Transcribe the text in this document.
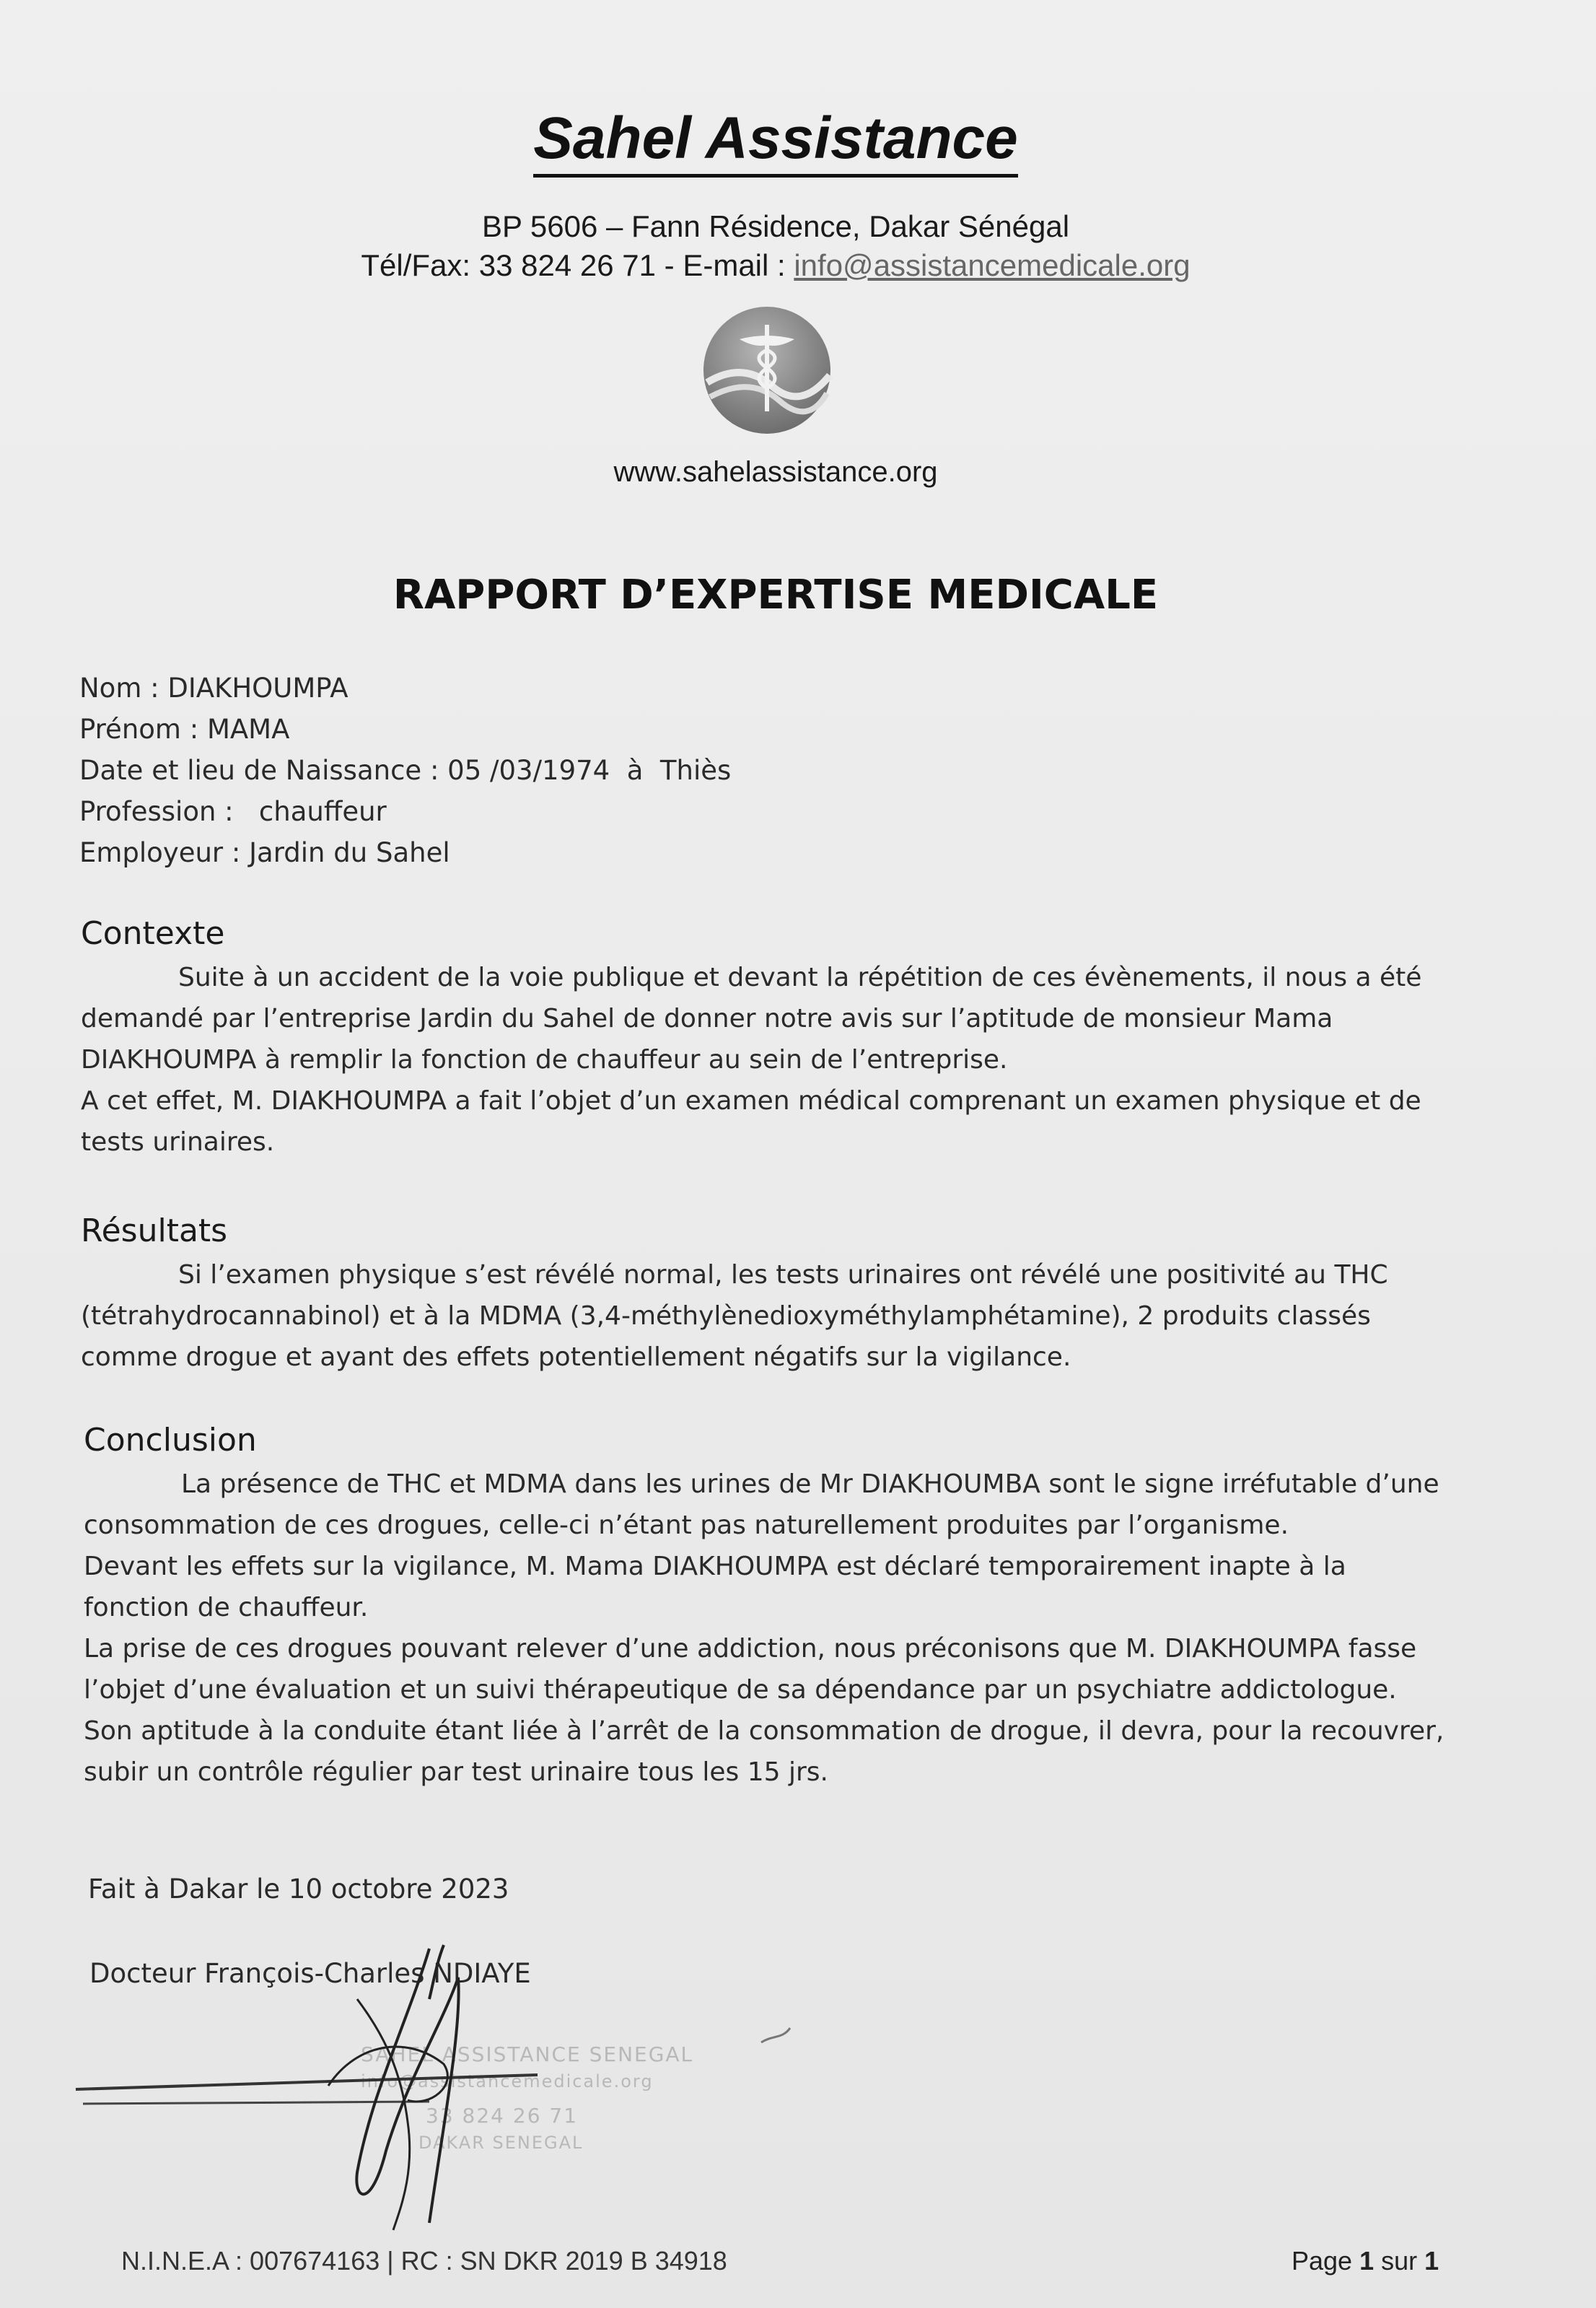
Sahel Assistance
BP 5606 – Fann Résidence, Dakar Sénégal
Tél/Fax: 33 824 26 71 - E-mail : info@assistancemedicale.org
www.sahelassistance.org
RAPPORT D’EXPERTISE MEDICALE
Nom : DIAKHOUMPA
Prénom : MAMA
Date et lieu de Naissance : 05 /03/1974  à  Thiès
Profession :   chauffeur
Employeur : Jardin du Sahel
Contexte

Suite à un accident de la voie publique et devant la répétition de ces évènements, il nous a été

demandé par l’entreprise Jardin du Sahel de donner notre avis sur l’aptitude de monsieur Mama

DIAKHOUMPA à remplir la fonction de chauffeur au sein de l’entreprise.

A cet effet, M. DIAKHOUMPA a fait l’objet d’un examen médical comprenant un examen physique et de

tests urinaires.

Résultats

Si l’examen physique s’est révélé normal, les tests urinaires ont révélé une positivité au THC

(tétrahydrocannabinol) et à la MDMA (3,4-méthylènedioxyméthylamphétamine), 2 produits classés

comme drogue et ayant des effets potentiellement négatifs sur la vigilance.

Conclusion

La présence de THC et MDMA dans les urines de Mr DIAKHOUMBA sont le signe irréfutable d’une

consommation de ces drogues, celle-ci n’étant pas naturellement produites par l’organisme.

Devant les effets sur la vigilance, M. Mama DIAKHOUMPA est déclaré temporairement inapte à la

fonction de chauffeur.

La prise de ces drogues pouvant relever d’une addiction, nous préconisons que M. DIAKHOUMPA fasse

l’objet d’une évaluation et un suivi thérapeutique de sa dépendance par un psychiatre addictologue.

Son aptitude à la conduite étant liée à l’arrêt de la consommation de drogue, il devra, pour la recouvrer,

subir un contrôle régulier par test urinaire tous les 15 jrs.

Fait à Dakar le 10 octobre 2023
Docteur François-Charles NDIAYE
SAHEL ASSISTANCE SENEGAL
info@assistancemedicale.org
33 824 26 71
DAKAR SENEGAL
N.I.N.E.A : 007674163 | RC : SN DKR 2019 B 34918	Page 1 sur 1
